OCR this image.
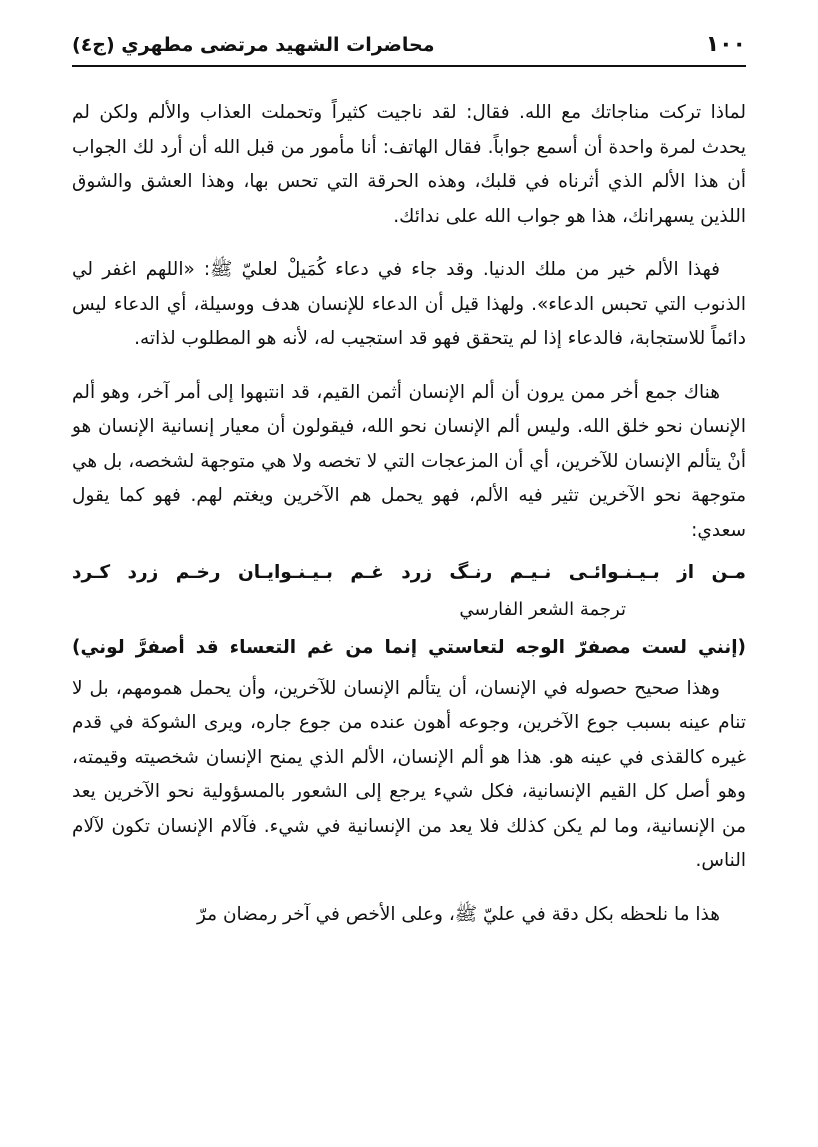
١٠٠
محاضرات الشهيد مرتضى مطهري (ج٤)

لماذا تركت مناجاتك مع الله. فقال: لقد ناجيت كثيراً وتحملت العذاب والألم ولكن لم يحدث لمرة واحدة أن أسمع جواباً. فقال الهاتف: أنا مأمور من قبل الله أن أرد لك الجواب أن هذا الألم الذي أثرناه في قلبك، وهذه الحرقة التي تحس بها، وهذا العشق والشوق اللذين يسهرانك، هذا هو جواب الله على ندائك.

فهذا الألم خير من ملك الدنيا. وقد جاء في دعاء كُمَيلْ لعليّ ﷺ: «اللهم اغفر لي الذنوب التي تحبس الدعاء». ولهذا قيل أن الدعاء للإنسان هدف ووسيلة، أي الدعاء ليس دائماً للاستجابة، فالدعاء إذا لم يتحقق فهو قد استجيب له، لأنه هو المطلوب لذاته.

هناك جمع أخر ممن يرون أن ألم الإنسان أثمن القيم، قد انتبهوا إلى أمر آخر، وهو ألم الإنسان نحو خلق الله. وليس ألم الإنسان نحو الله، فيقولون أن معيار إنسانية الإنسان هو أنْ يتألم الإنسان للآخرين، أي أن المزعجات التي لا تخصه ولا هي متوجهة لشخصه، بل هي متوجهة نحو الآخرين تثير فيه الألم، فهو يحمل هم الآخرين ويغتم لهم. فهو كما يقول سعدي:

مـن از بـيـنـوائـى نـيـم رنـگ زرد غـم بـيـنـوايـان رخـم زرد كـرد

ترجمة الشعر الفارسي

(إنني لست مصفرّ الوجه لتعاستي إنما من غم التعساء قد أصفرَّ لوني)

وهذا صحيح حصوله في الإنسان، أن يتألم الإنسان للآخرين، وأن يحمل همومهم، بل لا تنام عينه بسبب جوع الآخرين، وجوعه أهون عنده من جوع جاره، ويرى الشوكة في قدم غيره كالقذى في عينه هو. هذا هو ألم الإنسان، الألم الذي يمنح الإنسان شخصيته وقيمته، وهو أصل كل القيم الإنسانية، فكل شيء يرجع إلى الشعور بالمسؤولية نحو الآخرين يعد من الإنسانية، وما لم يكن كذلك فلا يعد من الإنسانية في شيء. فآلام الإنسان تكون لآلام الناس.

هذا ما نلحظه بكل دقة في عليّ ﷺ، وعلى الأخص في آخر رمضان مرّ
